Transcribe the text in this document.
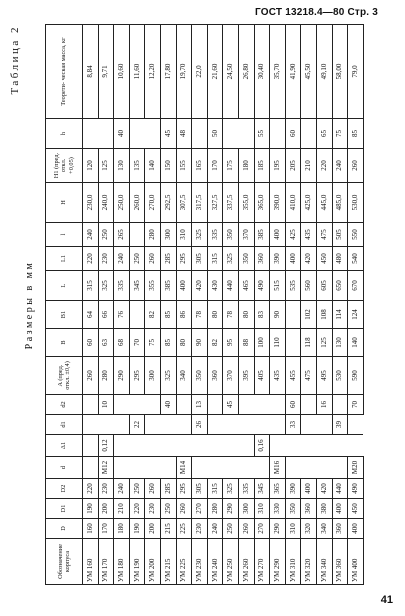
ГОСТ 13218.4—80 Стр. 3
Таблица 2
Размеры в мм
Обозначение корпуса	D	D1	D2	d	Δ1	d1	d2	A (пред. откл. ±0,4)	B	B1	L	L1	l	H	H1 (пред. откл. +0,05)	h	Теорети- ческая масса, кг
УМ 160	160	190	220					260	60	64	315	220	240	230,0	120		8,84
УМ 170	170	200	230	М12	0,12		10	280	63	66	325	230	250	240,0	125		9,71
УМ 180	180	210	240					290	68	76	335	240	265	250,0	130	40	10,60
УМ 190	190	220	250			22		295	70		345	250		260,0	135		11,60
УМ 200	200	230	260					300	75	82	355	260	280	270,0	140		12,20
УМ 215	215	250	285				40	325	85	85	385	285	300	292,5	150	45	17,80
УМ 225	225	260	295	М14				340	80	86	400	295	310	307,5	155	48	19,70
УМ 230	230	270	305			26	13	350	90	78	420	305	325	317,5	165		22,0
УМ 240	240	280	315					360	82	80	430	315	335	327,5	170	50	21,60
УМ 250	250	290	325				45	370	95	78	440	325	350	337,5	175		24,50
УМ 260	260	300	335					395	88	80	465	350	370	355,0	180		26,80
УМ 270	270	310	345		0,16			405	100	83	490	360	385	365,0	185	55	30,40
УМ 290	290	330	365	М16				435	110	90	515	390	400	390,0	195		35,70
УМ 310	310	350	390			33	60	455			535	400	425	410,0	205	60	41,90
УМ 320	320	360	400					475	118	102	560	420	435	425,0	210		45,50
УМ 340	340	380	420				16	495	125	108	605	450	475	445,0	220	65	49,10
УМ 360	360	400	440			39		530	130	114	650	480	505	485,0	240	75	58,00
УМ 400	400	450	490	М20			70	590	140	124	670	540	550	530,0	260	85	79,0
41
